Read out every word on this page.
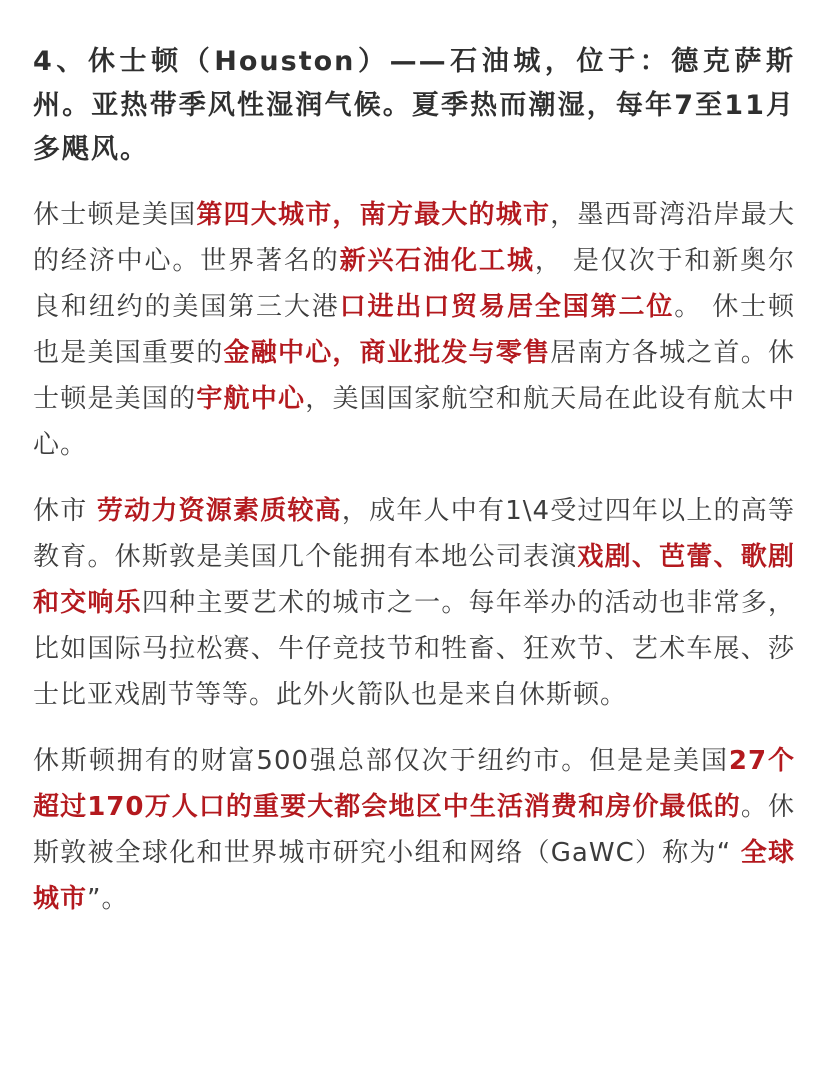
4、休士顿（Houston）——石油城，位于：德克萨斯州。亚热带季风性湿润气候。夏季热而潮湿，每年7至11月多飓风。

休士顿是美国第四大城市，南方最大的城市，墨西哥湾沿岸最大的经济中心。世界著名的新兴石油化工城， 是仅次于和新奥尔良和纽约的美国第三大港口进出口贸易居全国第二位。 休士顿也是美国重要的金融中心，商业批发与零售居南方各城之首。休士顿是美国的宇航中心，美国国家航空和航天局在此设有航太中心。

休市 劳动力资源素质较高，成年人中有1\4受过四年以上的高等教育。休斯敦是美国几个能拥有本地公司表演戏剧、芭蕾、歌剧和交响乐四种主要艺术的城市之一。每年举办的活动也非常多，比如国际马拉松赛、牛仔竞技节和牲畜、狂欢节、艺术车展、莎士比亚戏剧节等等。此外火箭队也是来自休斯顿。

休斯顿拥有的财富500强总部仅次于纽约市。但是是美国27个超过170万人口的重要大都会地区中生活消费和房价最低的。休斯敦被全球化和世界城市研究小组和网络（GaWC）称为“ 全球城市”。
